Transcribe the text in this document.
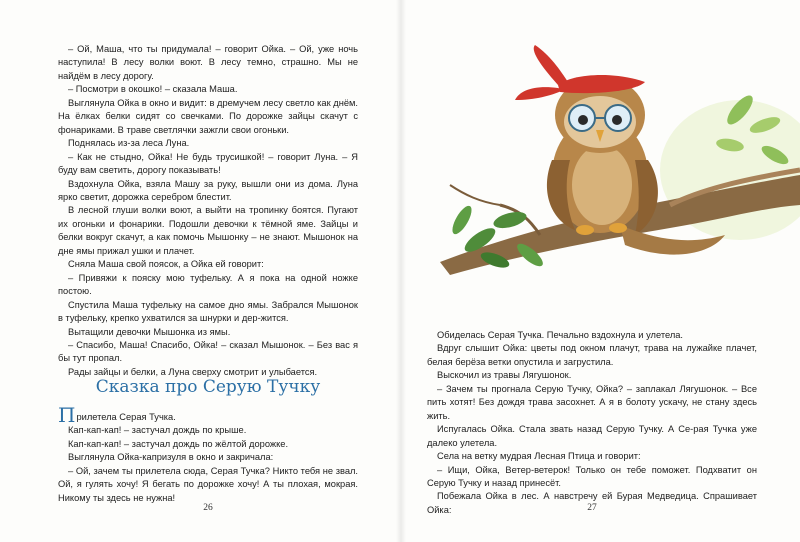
– Ой, Маша, что ты придумала! – говорит Ойка. – Ой, уже ночь наступила! В лесу волки воют. В лесу темно, страшно. Мы не найдём в лесу дорогу.

– Посмотри в окошко! – сказала Маша.

Выглянула Ойка в окно и видит: в дремучем лесу светло как днём. На ёлках белки сидят со свечками. По дорожке зайцы скачут с фонариками. В траве светлячки зажгли свои огоньки.

Поднялась из-за леса Луна.

– Как не стыдно, Ойка! Не будь трусишкой! – говорит Луна. – Я буду вам светить, дорогу показывать!

Вздохнула Ойка, взяла Машу за руку, вышли они из дома. Луна ярко светит, дорожка серебром блестит.

В лесной глуши волки воют, а выйти на тропинку боятся. Пугают их огоньки и фонарики. Подошли девочки к тёмной яме. Зайцы и белки вокруг скачут, а как помочь Мышонку – не знают. Мышонок на дне ямы прижал ушки и плачет.

Сняла Маша свой поясок, а Ойка ей говорит:

– Привяжи к пояску мою туфельку. А я пока на одной ножке постою.

Спустила Маша туфельку на самое дно ямы. Забрался Мышонок в туфельку, крепко ухватился за шнурки и дер-жится.

Вытащили девочки Мышонка из ямы.

– Спасибо, Маша! Спасибо, Ойка! – сказал Мышонок. – Без вас я бы тут пропал.

Рады зайцы и белки, а Луна сверху смотрит и улыбается.

Сказка про Серую Тучку

Прилетела Серая Тучка.

Кап-кап-кап! – застучал дождь по крыше.

Кап-кап-кап! – застучал дождь по жёлтой дорожке.

Выглянула Ойка-капризуля в окно и закричала:

– Ой, зачем ты прилетела сюда, Серая Тучка? Никто тебя не звал. Ой, я гулять хочу! Я бегать по дорожке хочу! А ты плохая, мокрая. Никому ты здесь не нужна!

26

Обиделась Серая Тучка. Печально вздохнула и улетела.

Вдруг слышит Ойка: цветы под окном плачут, трава на лужайке плачет, белая берёза ветки опустила и загрустила.

Выскочил из травы Лягушонок.

– Зачем ты прогнала Серую Тучку, Ойка? – заплакал Лягушонок. – Все пить хотят! Без дождя трава засохнет. А я в болоту ускачу, не стану здесь жить.

Испугалась Ойка. Стала звать назад Серую Тучку. А Се-рая Тучка уже далеко улетела.

Села на ветку мудрая Лесная Птица и говорит:

– Ищи, Ойка, Ветер-ветерок! Только он тебе поможет. Подхватит он Серую Тучку и назад принесёт.

Побежала Ойка в лес. А навстречу ей Бурая Медведица. Спрашивает Ойка:	27
